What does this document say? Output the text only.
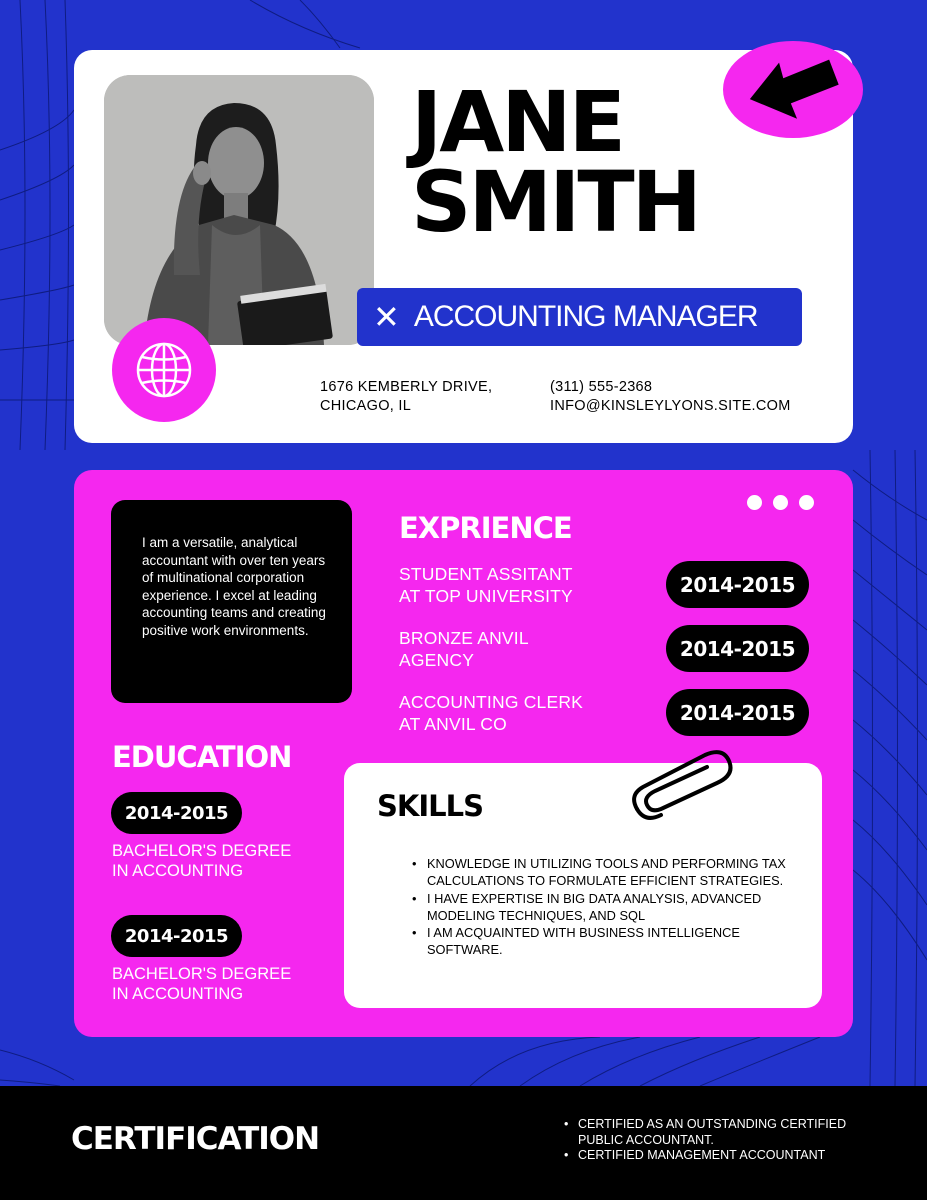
JANE
SMITH
✕ ACCOUNTING MANAGER
1676 KEMBERLY DRIVE,
CHICAGO, IL
(311) 555-2368
INFO@KINSLEYLYONS.SITE.COM

I am a versatile, analytical accountant with over ten years of multinational corporation experience. I excel at leading accounting teams and creating positive work environments.

EXPRIENCE
STUDENT ASSITANT
AT TOP UNIVERSITY	2014-2015
BRONZE ANVIL
AGENCY	2014-2015
ACCOUNTING CLERK
AT ANVIL CO	2014-2015
EDUCATION
2014-2015
BACHELOR'S DEGREE
IN ACCOUNTING
2014-2015
BACHELOR'S DEGREE
IN ACCOUNTING
SKILLS
• KNOWLEDGE IN UTILIZING TOOLS AND PERFORMING TAX CALCULATIONS TO FORMULATE EFFICIENT STRATEGIES.
• I HAVE EXPERTISE IN BIG DATA ANALYSIS, ADVANCED MODELING TECHNIQUES, AND SQL
• I AM ACQUAINTED WITH BUSINESS INTELLIGENCE SOFTWARE.
CERTIFICATION
•	CERTIFIED AS AN OUTSTANDING CERTIFIED PUBLIC ACCOUNTANT.
• CERTIFIED MANAGEMENT ACCOUNTANT
